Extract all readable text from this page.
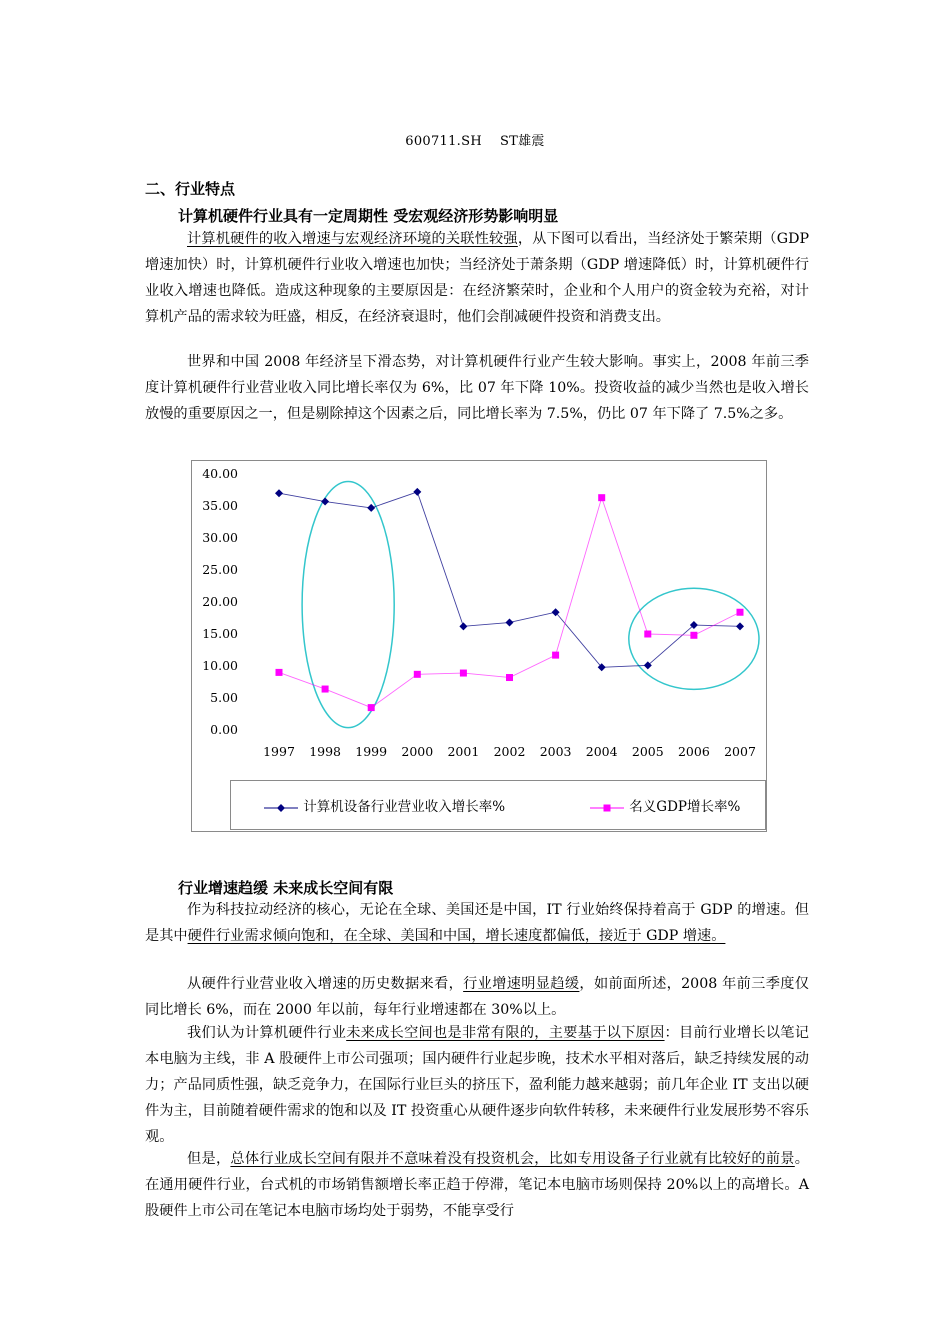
600711.SH ST雄震
二、行业特点
计算机硬件行业具有一定周期性 受宏观经济形势影响明显

计算机硬件的收入增速与宏观经济环境的关联性较强，从下图可以看出，当经济处于繁荣期（GDP 增速加快）时，计算机硬件行业收入增速也加快；当经济处于萧条期（GDP 增速降低）时，计算机硬件行业收入增速也降低。造成这种现象的主要原因是：在经济繁荣时，企业和个人用户的资金较为充裕，对计算机产品的需求较为旺盛，相反，在经济衰退时，他们会削减硬件投资和消费支出。

世界和中国 2008 年经济呈下滑态势，对计算机硬件行业产生较大影响。事实上，2008 年前三季度计算机硬件行业营业收入同比增长率仅为 6%，比 07 年下降 10%。投资收益的减少当然也是收入增长放慢的重要原因之一，但是剔除掉这个因素之后，同比增长率为 7.5%，仍比 07 年下降了 7.5%之多。

40.00
35.00
30.00
25.00
20.00
15.00
10.00
5.00
0.00
1997 1998 1999 2000 2001 2002 2003 2004 2005 2006 2007
计算机设备行业营业收入增长率%	名义GDP增长率%
行业增速趋缓 未来成长空间有限

作为科技拉动经济的核心，无论在全球、美国还是中国，IT 行业始终保持着高于 GDP 的增速。但是其中硬件行业需求倾向饱和，在全球、美国和中国，增长速度都偏低，接近于 GDP 增速。

从硬件行业营业收入增速的历史数据来看，行业增速明显趋缓，如前面所述，2008 年前三季度仅同比增长 6%，而在 2000 年以前，每年行业增速都在 30%以上。

我们认为计算机硬件行业未来成长空间也是非常有限的，主要基于以下原因：目前行业增长以笔记本电脑为主线，非 A 股硬件上市公司强项；国内硬件行业起步晚，技术水平相对落后，缺乏持续发展的动力；产品同质性强，缺乏竞争力，在国际行业巨头的挤压下，盈利能力越来越弱；前几年企业 IT 支出以硬件为主，目前随着硬件需求的饱和以及 IT 投资重心从硬件逐步向软件转移，未来硬件行业发展形势不容乐观。

但是，总体行业成长空间有限并不意味着没有投资机会，比如专用设备子行业就有比较好的前景。在通用硬件行业，台式机的市场销售额增长率正趋于停滞，笔记本电脑市场则保持 20%以上的高增长。A 股硬件上市公司在笔记本电脑市场均处于弱势，不能享受行
